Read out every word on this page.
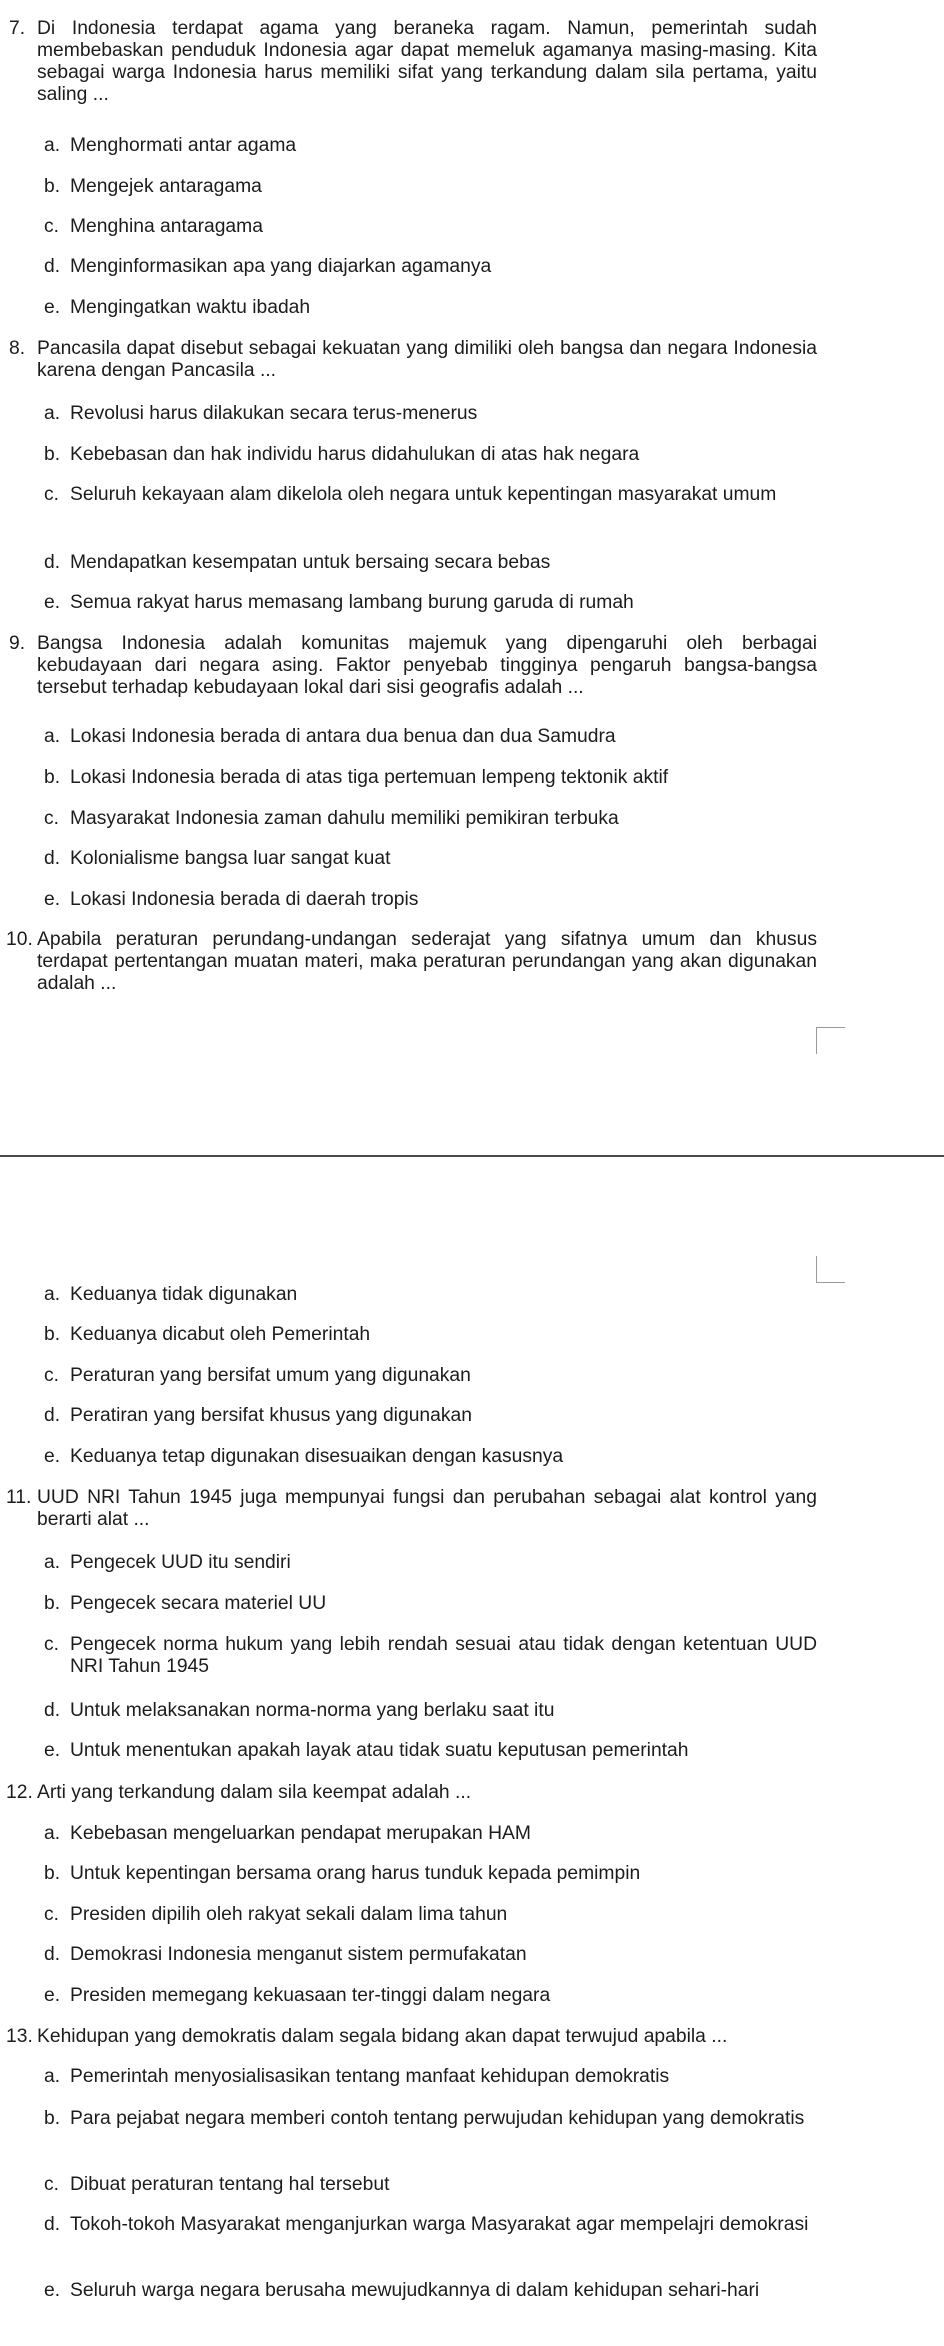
7. Di Indonesia terdapat agama yang beraneka ragam. Namun, pemerintah sudah membebaskan penduduk Indonesia agar dapat memeluk agamanya masing-masing. Kita sebagai warga Indonesia harus memiliki sifat yang terkandung dalam sila pertama, yaitu saling ...

a. Menghormati antar agama
b. Mengejek antaragama
c. Menghina antaragama
d. Menginformasikan apa yang diajarkan agamanya
e. Mengingatkan waktu ibadah

8. Pancasila dapat disebut sebagai kekuatan yang dimiliki oleh bangsa dan negara Indonesia karena dengan Pancasila ...

a. Revolusi harus dilakukan secara terus-menerus
b. Kebebasan dan hak individu harus didahulukan di atas hak negara
c. Seluruh kekayaan alam dikelola oleh negara untuk kepentingan masyarakat umum
d. Mendapatkan kesempatan untuk bersaing secara bebas
e. Semua rakyat harus memasang lambang burung garuda di rumah

9. Bangsa Indonesia adalah komunitas majemuk yang dipengaruhi oleh berbagai kebudayaan dari negara asing. Faktor penyebab tingginya pengaruh bangsa-bangsa tersebut terhadap kebudayaan lokal dari sisi geografis adalah ...

a. Lokasi Indonesia berada di antara dua benua dan dua Samudra
b. Lokasi Indonesia berada di atas tiga pertemuan lempeng tektonik aktif
c. Masyarakat Indonesia zaman dahulu memiliki pemikiran terbuka
d. Kolonialisme bangsa luar sangat kuat
e. Lokasi Indonesia berada di daerah tropis

10. Apabila peraturan perundang-undangan sederajat yang sifatnya umum dan khusus terdapat pertentangan muatan materi, maka peraturan perundangan yang akan digunakan adalah ...

a. Keduanya tidak digunakan
b. Keduanya dicabut oleh Pemerintah
c. Peraturan yang bersifat umum yang digunakan
d. Peratiran yang bersifat khusus yang digunakan
e. Keduanya tetap digunakan disesuaikan dengan kasusnya

11. UUD NRI Tahun 1945 juga mempunyai fungsi dan perubahan sebagai alat kontrol yang berarti alat ...

a. Pengecek UUD itu sendiri
b. Pengecek secara materiel UU
c. Pengecek norma hukum yang lebih rendah sesuai atau tidak dengan ketentuan UUD NRI Tahun 1945
d. Untuk melaksanakan norma-norma yang berlaku saat itu
e. Untuk menentukan apakah layak atau tidak suatu keputusan pemerintah

12. Arti yang terkandung dalam sila keempat adalah ...

a. Kebebasan mengeluarkan pendapat merupakan HAM
b. Untuk kepentingan bersama orang harus tunduk kepada pemimpin
c. Presiden dipilih oleh rakyat sekali dalam lima tahun
d. Demokrasi Indonesia menganut sistem permufakatan
e. Presiden memegang kekuasaan ter-tinggi dalam negara

13. Kehidupan yang demokratis dalam segala bidang akan dapat terwujud apabila ...

a. Pemerintah menyosialisasikan tentang manfaat kehidupan demokratis
b. Para pejabat negara memberi contoh tentang perwujudan kehidupan yang demokratis
c. Dibuat peraturan tentang hal tersebut
d. Tokoh-tokoh Masyarakat menganjurkan warga Masyarakat agar mempelajri demokrasi
e. Seluruh warga negara berusaha mewujudkannya di dalam kehidupan sehari-hari
